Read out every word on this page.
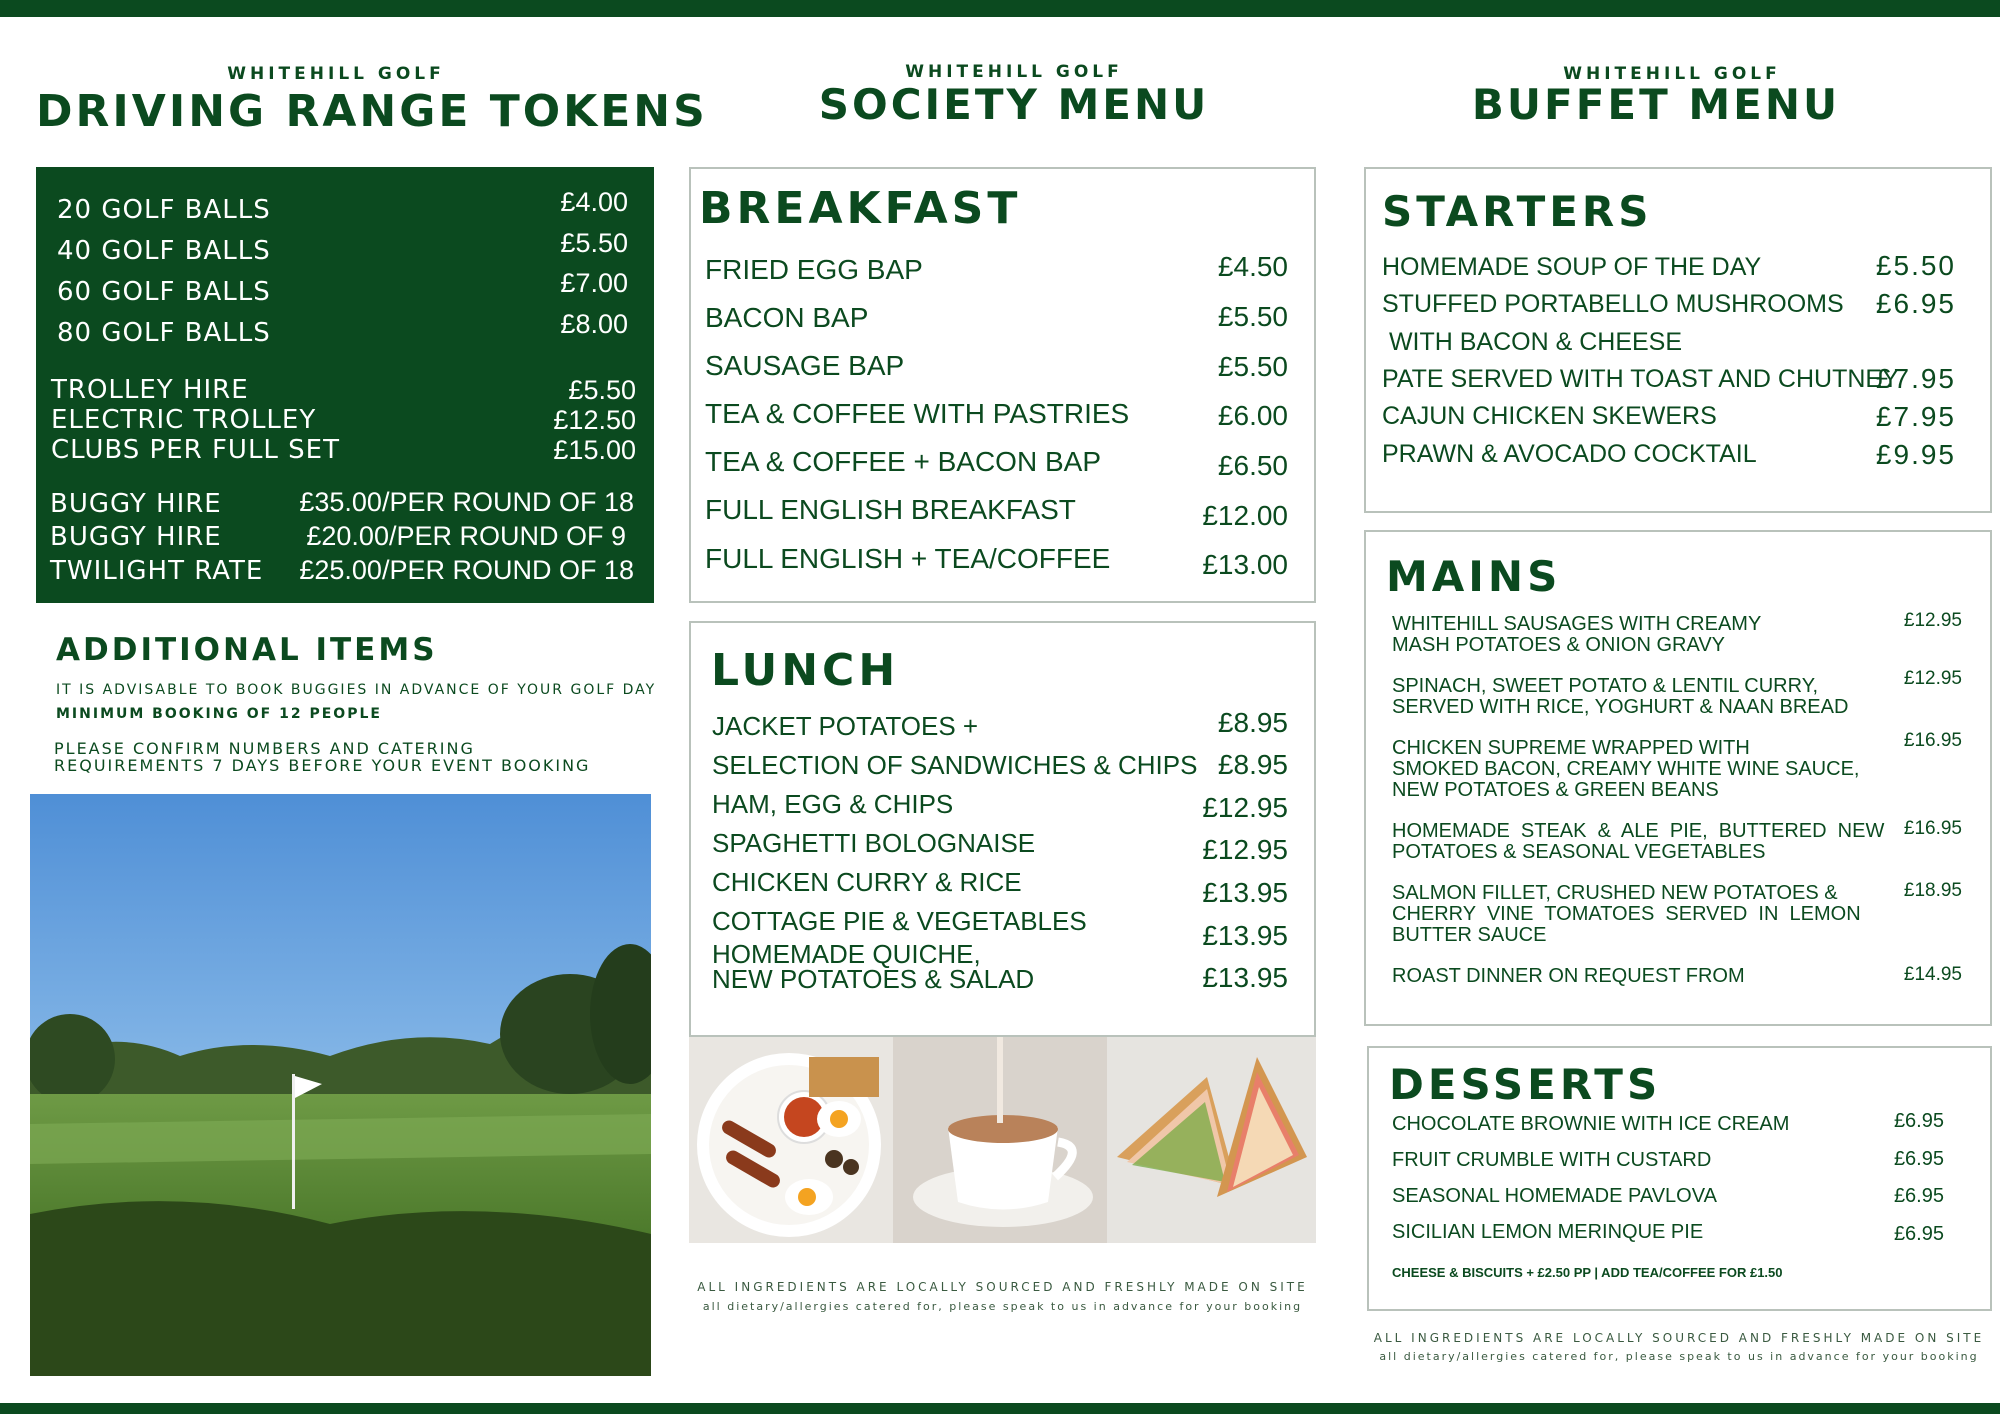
WHITEHILL GOLF
DRIVING RANGE TOKENS
20 GOLF BALLS	£4.00
40 GOLF BALLS	£5.50
60 GOLF BALLS	£7.00
80 GOLF BALLS	£8.00
TROLLEY HIRE	£5.50
ELECTRIC TROLLEY	£12.50
CLUBS PER FULL SET	£15.00
BUGGY HIRE	£35.00/PER ROUND OF 18
BUGGY HIRE	£20.00/PER ROUND OF 9
TWILIGHT RATE £25.00/PER ROUND OF 18
ADDITIONAL ITEMS
IT IS ADVISABLE TO BOOK BUGGIES IN ADVANCE OF YOUR GOLF DAY
MINIMUM BOOKING OF 12 PEOPLE
PLEASE CONFIRM NUMBERS AND CATERING
REQUIREMENTS 7 DAYS BEFORE YOUR EVENT BOOKING
WHITEHILL GOLF
SOCIETY MENU
BREAKFAST
FRIED EGG BAP	£4.50
BACON BAP	£5.50
SAUSAGE BAP	£5.50
TEA & COFFEE WITH PASTRIES	£6.00
TEA & COFFEE + BACON BAP	£6.50
FULL ENGLISH BREAKFAST	£12.00
FULL ENGLISH + TEA/COFFEE	£13.00
LUNCH
JACKET POTATOES +	£8.95
SELECTION OF SANDWICHES & CHIPS £8.95
HAM, EGG & CHIPS	£12.95
SPAGHETTI BOLOGNAISE	£12.95
CHICKEN CURRY & RICE	£13.95
COTTAGE PIE & VEGETABLES	£13.95
HOMEMADE QUICHE,
NEW POTATOES & SALAD	£13.95
ALL INGREDIENTS ARE LOCALLY SOURCED AND FRESHLY MADE ON SITE
all dietary/allergies catered for, please speak to us in advance for your booking
WHITEHILL GOLF
BUFFET MENU
STARTERS
HOMEMADE SOUP OF THE DAY	£5.50
STUFFED PORTABELLO MUSHROOMS £6.95
WITH BACON & CHEESE
PATE SERVED WITH TOAST AND CHUTNEY
£7.95
CAJUN CHICKEN SKEWERS	£7.95
PRAWN & AVOCADO COCKTAIL	£9.95
MAINS
WHITEHILL SAUSAGES WITH CREAMY
MASH POTATOES & ONION GRAVY
£12.95
SPINACH, SWEET POTATO & LENTIL CURRY,
SERVED WITH RICE, YOGHURT & NAAN BREAD
£12.95
CHICKEN SUPREME WRAPPED WITH
SMOKED BACON, CREAMY WHITE WINE SAUCE,
NEW POTATOES & GREEN BEANS
£16.95
HOMEMADE  STEAK  &  ALE  PIE,  BUTTERED  NEW
POTATOES & SEASONAL VEGETABLES
£16.95
SALMON FILLET, CRUSHED NEW POTATOES &
CHERRY  VINE  TOMATOES  SERVED  IN  LEMON
BUTTER SAUCE
£18.95
ROAST DINNER ON REQUEST FROM	£14.95
DESSERTS
CHOCOLATE BROWNIE WITH ICE CREAM	£6.95
FRUIT CRUMBLE WITH CUSTARD	£6.95
SEASONAL HOMEMADE PAVLOVA	£6.95
SICILIAN LEMON MERINQUE PIE	£6.95
CHEESE & BISCUITS + £2.50 PP | ADD TEA/COFFEE FOR £1.50
ALL INGREDIENTS ARE LOCALLY SOURCED AND FRESHLY MADE ON SITE
all dietary/allergies catered for, please speak to us in advance for your booking
